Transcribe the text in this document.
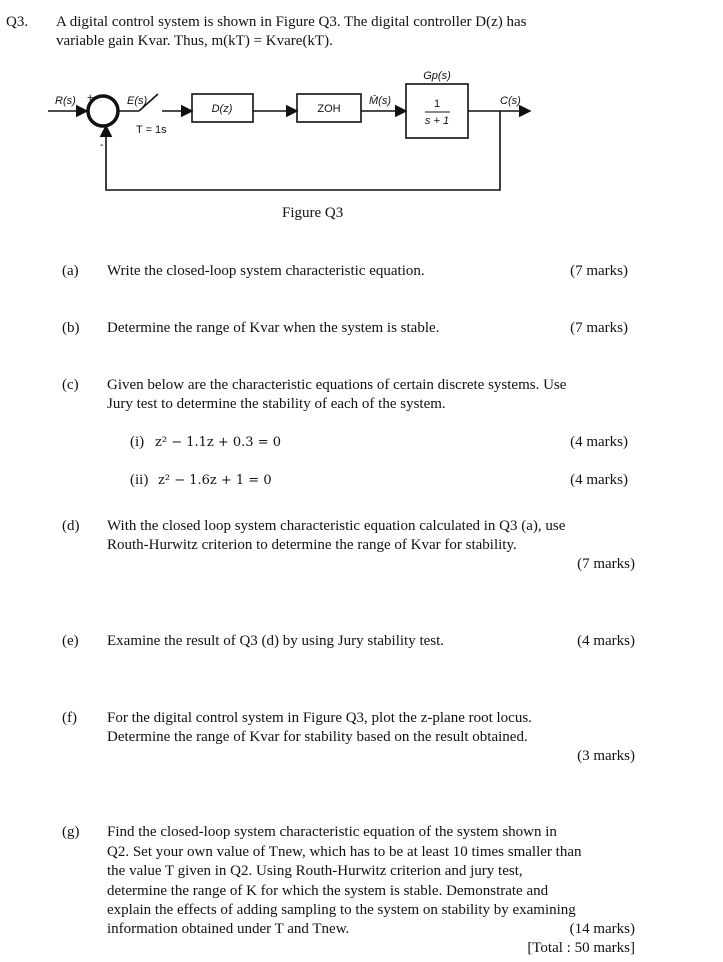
Q3. A digital control system is shown in Figure Q3. The digital controller D(z) has
variable gain Kvar. Thus, m(kT) = Kvare(kT).
R(s) +
-
E(s)
T = 1s
D(z)	ZOH
M̄(s)
Gp(s)
1
s + 1
C(s)
Figure Q3
(a) Write the closed-loop system characteristic equation.	(7 marks)
(b) Determine the range of Kvar when the system is stable.	(7 marks)
(c) Given below are the characteristic equations of certain discrete systems. Use
Jury test to determine the stability of each of the system.
(i) z² − 1.1z + 0.3 = 0	(4 marks)
(ii) z² − 1.6z + 1 = 0	(4 marks)
(d) With the closed loop system characteristic equation calculated in Q3 (a), use
Routh-Hurwitz criterion to determine the range of Kvar for stability.
(7 marks)
(e) Examine the result of Q3 (d) by using Jury stability test.	(4 marks)
(f) For the digital control system in Figure Q3, plot the z-plane root locus.
Determine the range of Kvar for stability based on the result obtained.
(3 marks)
(g) Find the closed-loop system characteristic equation of the system shown in
Q2. Set your own value of Tnew, which has to be at least 10 times smaller than
the value T given in Q2. Using Routh-Hurwitz criterion and jury test,
determine the range of K for which the system is stable. Demonstrate and
explain the effects of adding sampling to the system on stability by examining
information obtained under T and Tnew.	(14 marks)
[Total : 50 marks]
